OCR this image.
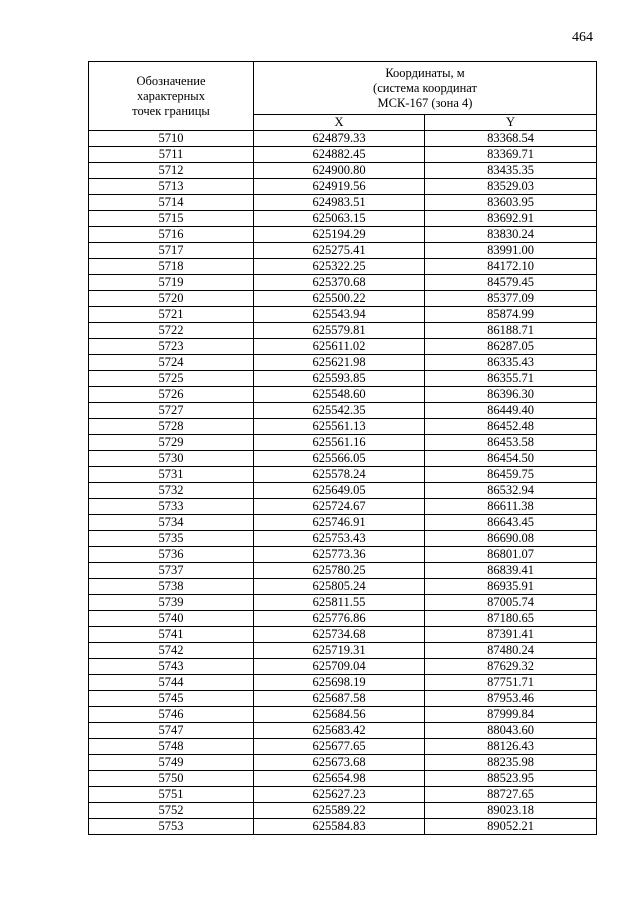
464
Обозначение
характерных
точек границы	Координаты, м
(система координат
МСК-167 (зона 4)	

	X	Y
5710	624879.33	83368.54
5711	624882.45	83369.71
5712	624900.80	83435.35
5713	624919.56	83529.03
5714	624983.51	83603.95
5715	625063.15	83692.91
5716	625194.29	83830.24
5717	625275.41	83991.00
5718	625322.25	84172.10
5719	625370.68	84579.45
5720	625500.22	85377.09
5721	625543.94	85874.99
5722	625579.81	86188.71
5723	625611.02	86287.05
5724	625621.98	86335.43
5725	625593.85	86355.71
5726	625548.60	86396.30
5727	625542.35	86449.40
5728	625561.13	86452.48
5729	625561.16	86453.58
5730	625566.05	86454.50
5731	625578.24	86459.75
5732	625649.05	86532.94
5733	625724.67	86611.38
5734	625746.91	86643.45
5735	625753.43	86690.08
5736	625773.36	86801.07
5737	625780.25	86839.41
5738	625805.24	86935.91
5739	625811.55	87005.74
5740	625776.86	87180.65
5741	625734.68	87391.41
5742	625719.31	87480.24
5743	625709.04	87629.32
5744	625698.19	87751.71
5745	625687.58	87953.46
5746	625684.56	87999.84
5747	625683.42	88043.60
5748	625677.65	88126.43
5749	625673.68	88235.98
5750	625654.98	88523.95
5751	625627.23	88727.65
5752	625589.22	89023.18
5753	625584.83	89052.21
